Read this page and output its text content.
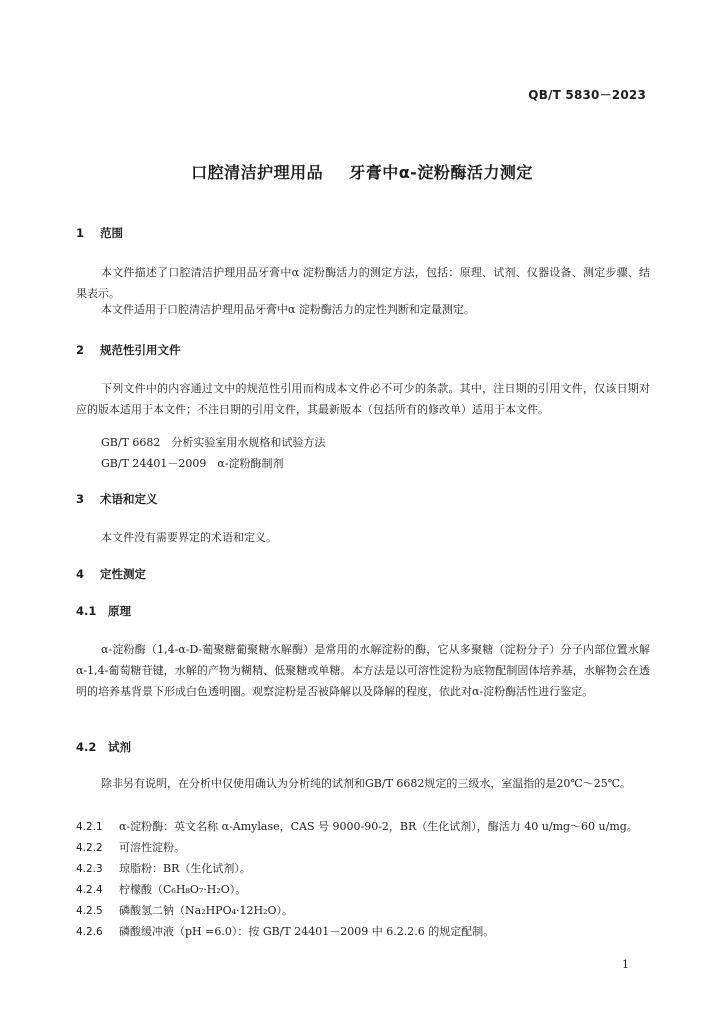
QB/T 5830－2023
口腔清洁护理用品 牙膏中α-淀粉酶活力测定
1 范围
本文件描述了口腔清洁护理用品牙膏中α 淀粉酶活力的测定方法，包括：原理、试剂、仪器设备、测定步骤、结果表示。
本文件适用于口腔清洁护理用品牙膏中α 淀粉酶活力的定性判断和定量测定。
2 规范性引用文件
下列文件中的内容通过文中的规范性引用而构成本文件必不可少的条款。其中，注日期的引用文件，仅该日期对应的版本适用于本文件；不注日期的引用文件，其最新版本（包括所有的修改单）适用于本文件。
GB/T 6682　分析实验室用水规格和试验方法
GB/T 24401－2009　α-淀粉酶制剂
3 术语和定义
本文件没有需要界定的术语和定义。
4 定性测定
4.1 原理
α-淀粉酶（1,4-α-D-葡聚糖葡聚糖水解酶）是常用的水解淀粉的酶，它从多聚糖（淀粉分子）分子内部位置水解α-1,4-葡萄糖苷键，水解的产物为糊精、低聚糖或单糖。本方法是以可溶性淀粉为底物配制固体培养基，水解物会在透明的培养基背景下形成白色透明圈。观察淀粉是否被降解以及降解的程度，依此对α-淀粉酶活性进行鉴定。
4.2 试剂
除非另有说明，在分析中仅使用确认为分析纯的试剂和GB/T 6682规定的三级水，室温指的是20℃～25℃。
4.2.1 α-淀粉酶：英文名称 α-Amylase，CAS 号 9000-90-2，BR（生化试剂），酶活力 40 u/mg～60 u/mg。
4.2.2 可溶性淀粉。
4.2.3 琼脂粉：BR（生化试剂）。
4.2.4 柠檬酸（C₆H₈O₇·H₂O）。
4.2.5 磷酸氢二钠（Na₂HPO₄·12H₂O）。
4.2.6 磷酸缓冲液（pH =6.0）：按 GB/T 24401－2009 中 6.2.2.6 的规定配制。
1
